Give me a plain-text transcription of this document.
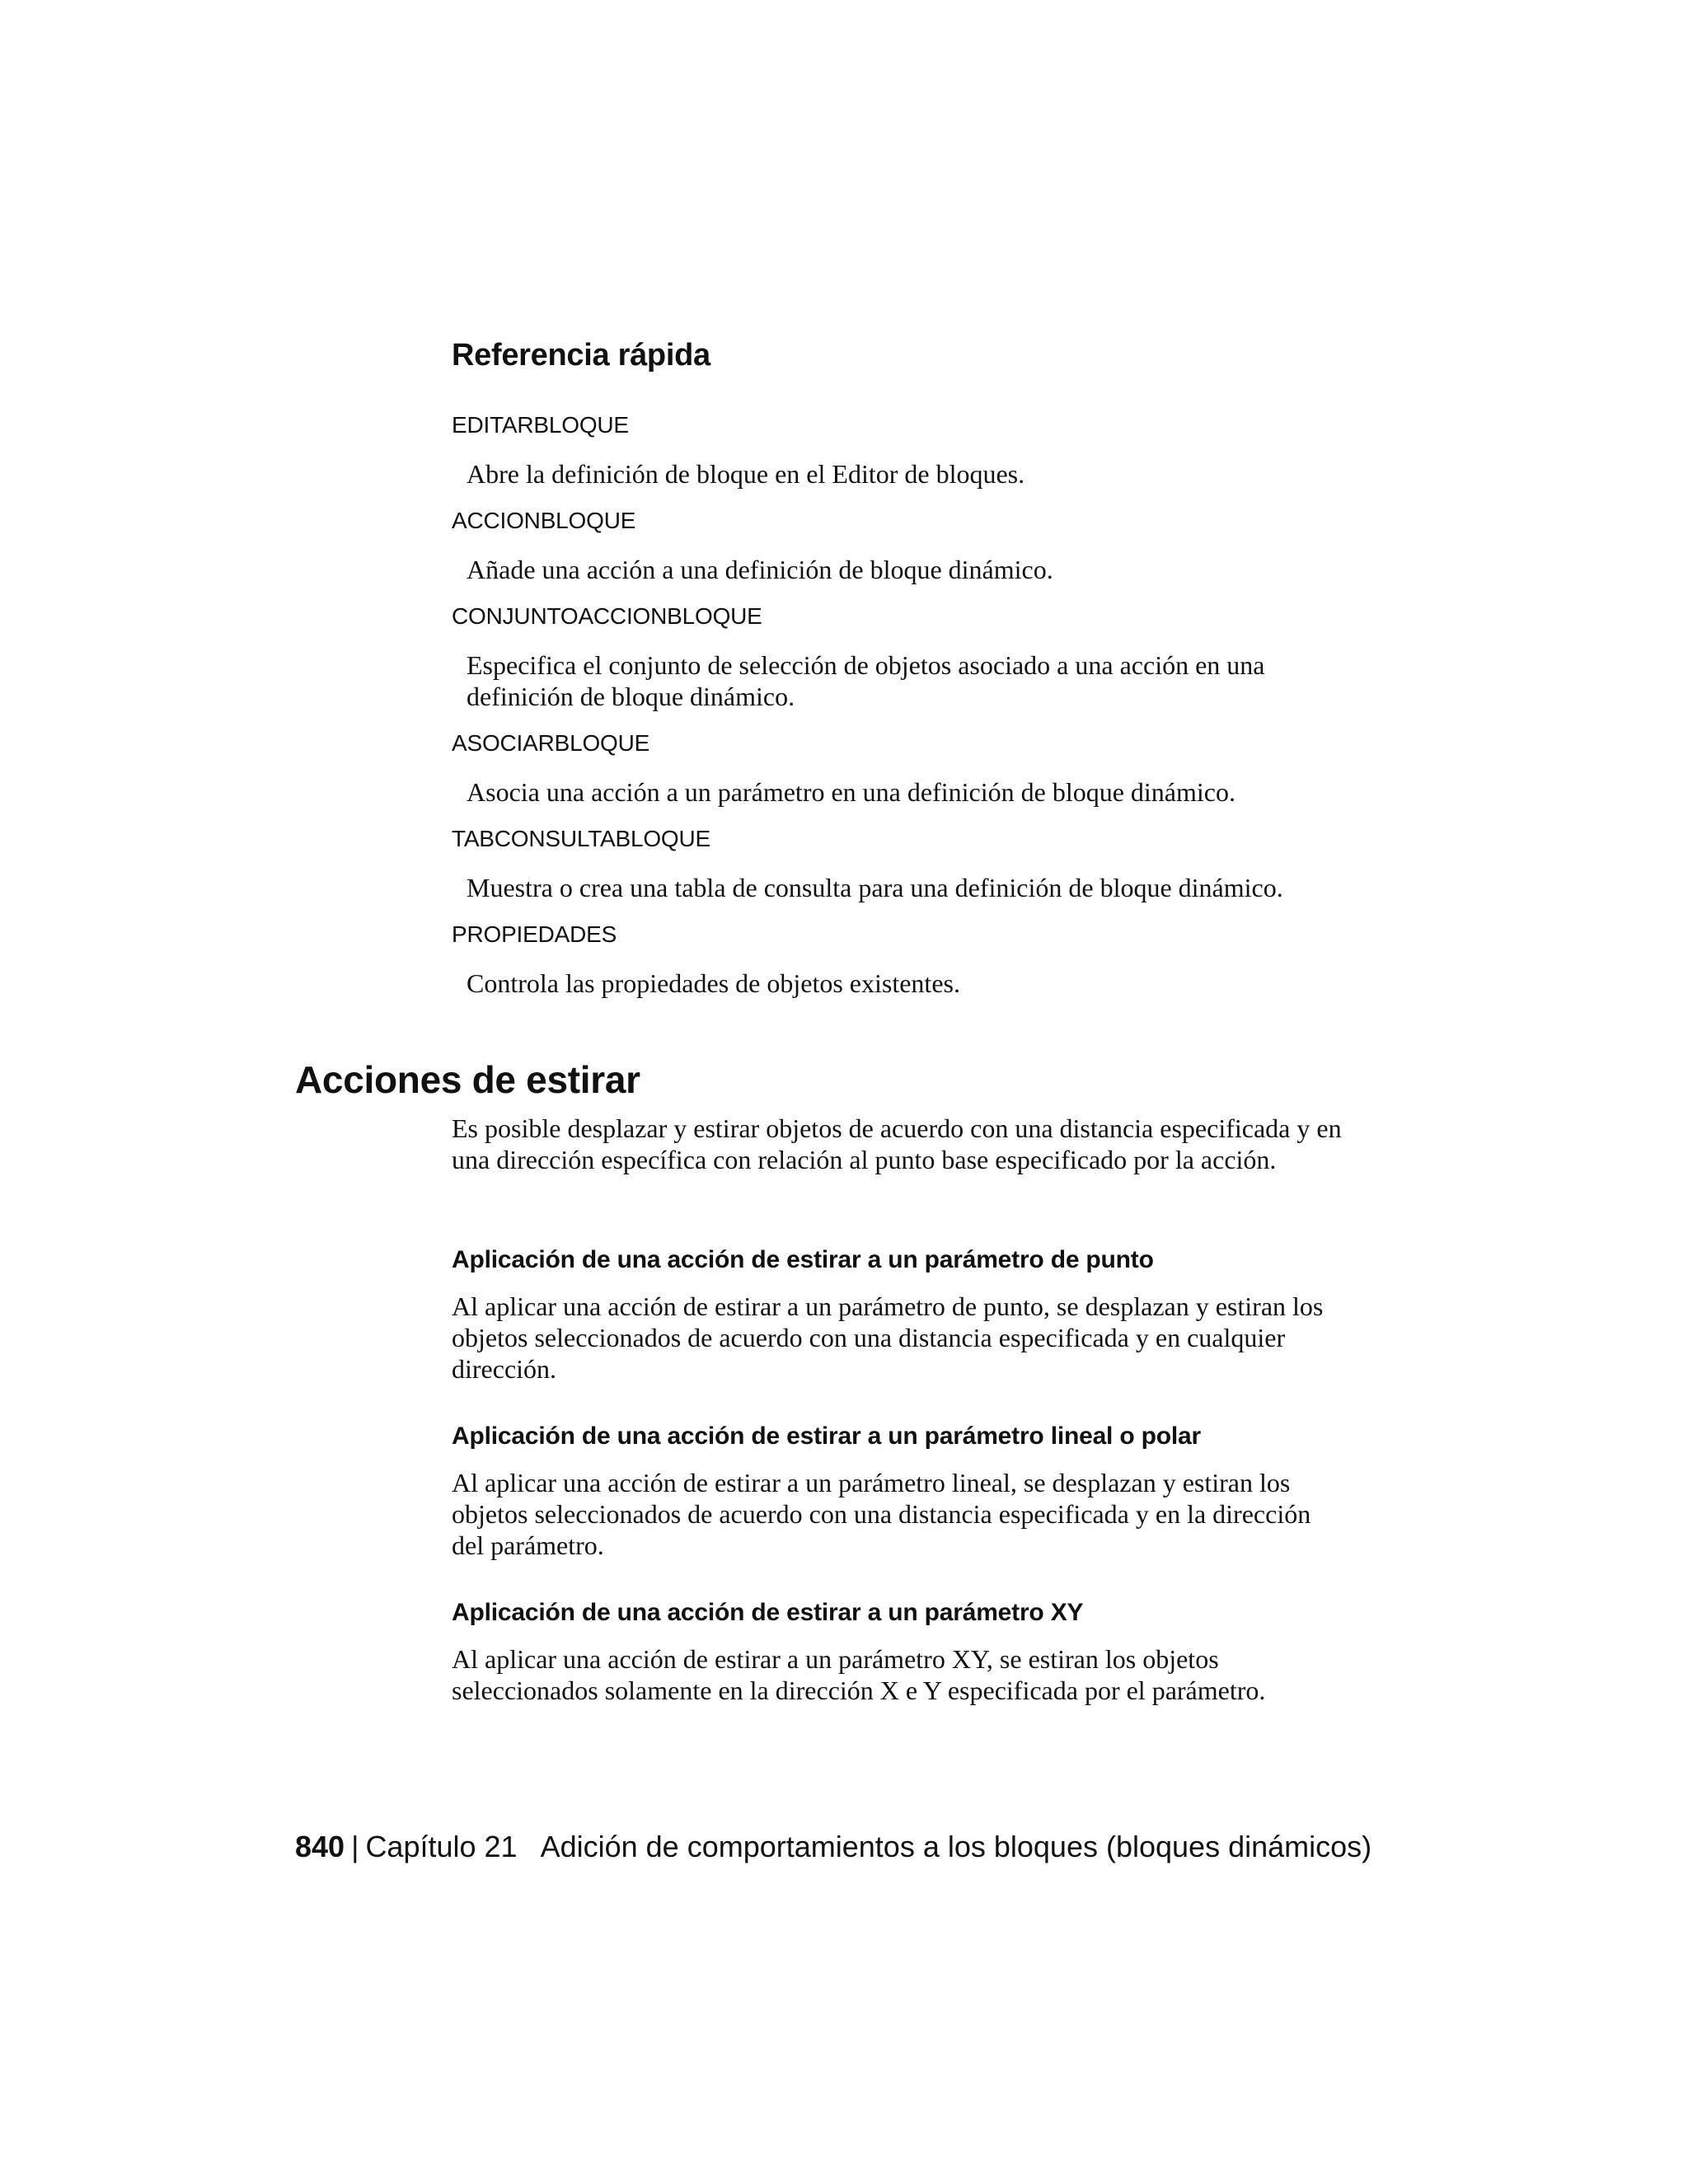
Referencia rápida
EDITARBLOQUE
Abre la definición de bloque en el Editor de bloques.
ACCIONBLOQUE
Añade una acción a una definición de bloque dinámico.
CONJUNTOACCIONBLOQUE
Especifica el conjunto de selección de objetos asociado a una acción en una definición de bloque dinámico.
ASOCIARBLOQUE
Asocia una acción a un parámetro en una definición de bloque dinámico.
TABCONSULTABLOQUE
Muestra o crea una tabla de consulta para una definición de bloque dinámico.
PROPIEDADES
Controla las propiedades de objetos existentes.
Acciones de estirar
Es posible desplazar y estirar objetos de acuerdo con una distancia especificada y en una dirección específica con relación al punto base especificado por la acción.
Aplicación de una acción de estirar a un parámetro de punto
Al aplicar una acción de estirar a un parámetro de punto, se desplazan y estiran los objetos seleccionados de acuerdo con una distancia especificada y en cualquier dirección.
Aplicación de una acción de estirar a un parámetro lineal o polar
Al aplicar una acción de estirar a un parámetro lineal, se desplazan y estiran los objetos seleccionados de acuerdo con una distancia especificada y en la dirección del parámetro.
Aplicación de una acción de estirar a un parámetro XY
Al aplicar una acción de estirar a un parámetro XY, se estiran los objetos seleccionados solamente en la dirección X e Y especificada por el parámetro.
840 | Capítulo 21 Adición de comportamientos a los bloques (bloques dinámicos)
